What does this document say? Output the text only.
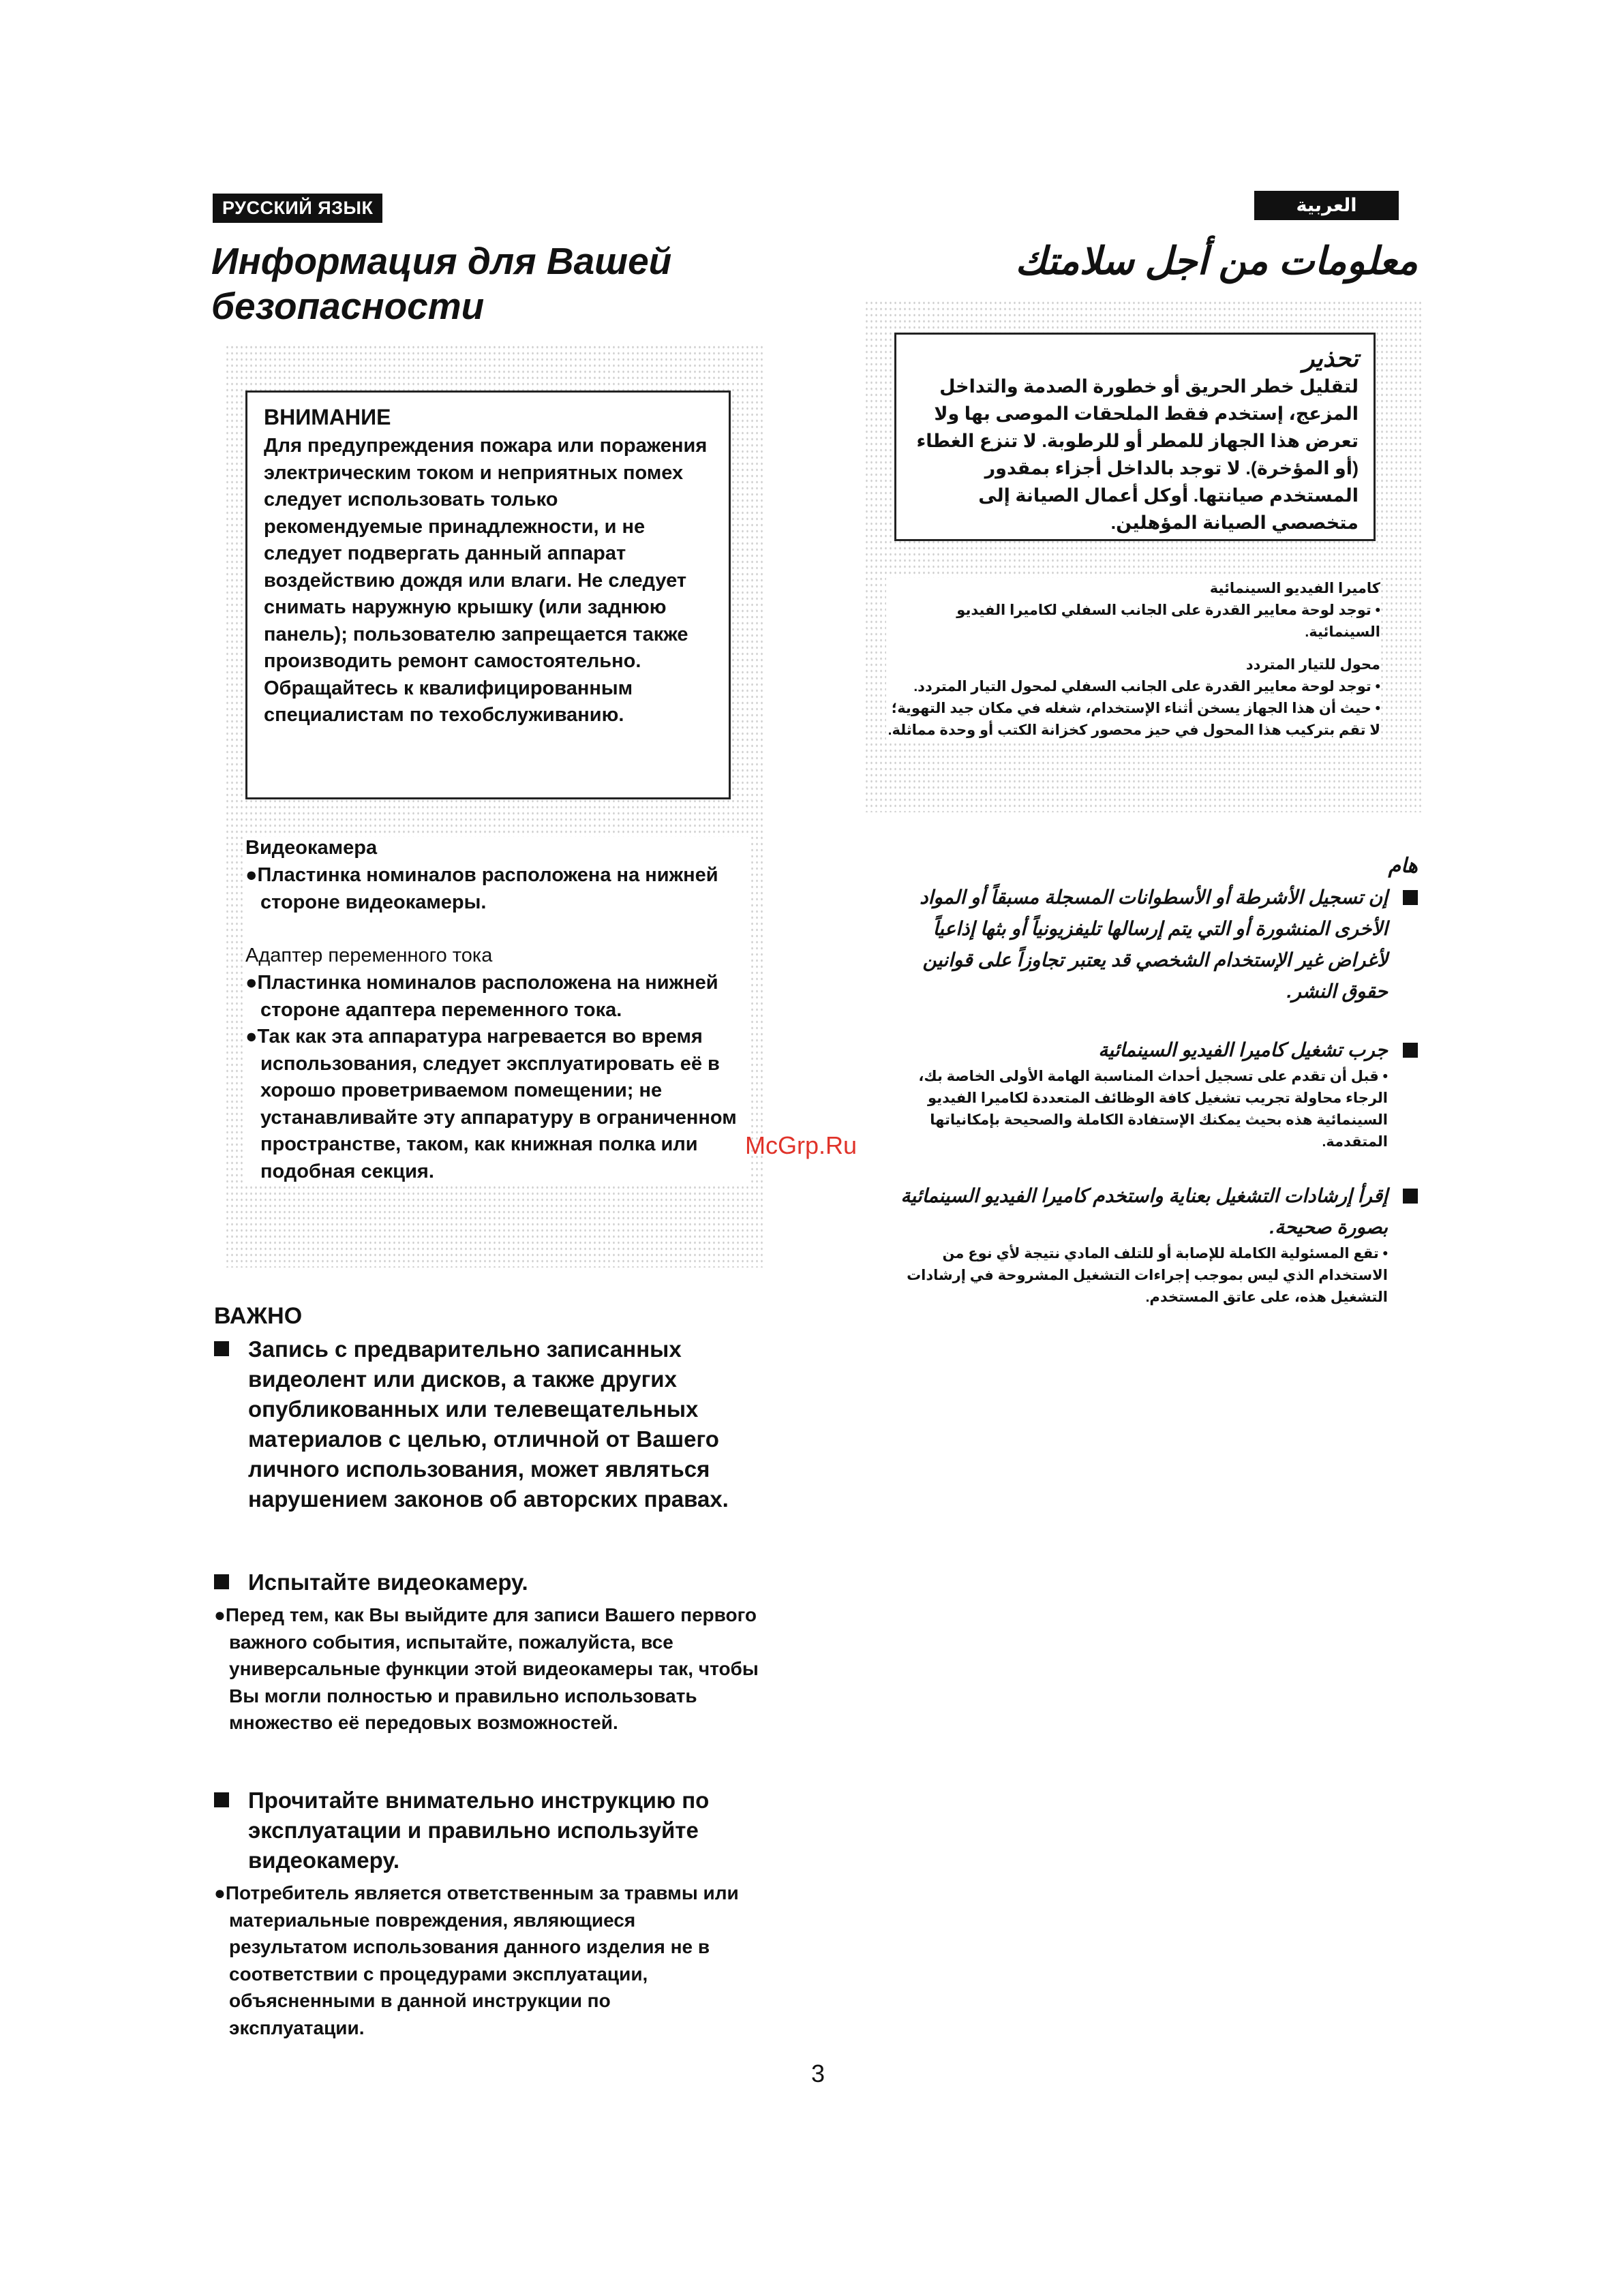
РУССКИЙ ЯЗЫК
Информация для Вашей
безопасности
ВНИМАНИЕ
Для предупреждения пожара или поражения электрическим током и неприятных помех следует использовать только рекомендуемые принадлежности, и не следует подвергать данный аппарат воздействию дождя или влаги. Не следует снимать наружную крышку (или заднюю панель); пользователю запрещается также производить ремонт самостоятельно. Обращайтесь к квалифицированным специалистам по техобслуживанию.
Видеокамера

●Пластинка номиналов расположена на нижней стороне видеокамеры.

Адаптер переменного тока

●Пластинка номиналов расположена на нижней стороне адаптера переменного тока.

●Так как эта аппаратура нагревается во время использования, следует эксплуатировать её в хорошо проветриваемом помещении; не устанавливайте эту аппаратуру в ограниченном пространстве, таком, как книжная полка или подобная секция.

ВАЖНО
Запись с предварительно записанных видеолент или дисков, а также других опубликованных или телевещательных материалов с целью, отличной от Вашего личного использования, может являться нарушением законов об авторских правах.
Испытайте видеокамеру.

●Перед тем, как Вы выйдите для записи Вашего первого важного события, испытайте, пожалуйста, все универсальные функции этой видеокамеры так, чтобы Вы могли полностью и правильно использовать множество её передовых возможностей.

Прочитайте внимательно инструкцию по эксплуатации и правильно используйте видеокамеру.

●Потребитель является ответственным за травмы или материальные повреждения, являющиеся результатом использования данного изделия не в соответствии с процедурами эксплуатации, объясненными в данной инструкции по эксплуатации.

العربية
معلومات من أجل سلامتك
تحذير
لتقليل خطر الحريق أو خطورة الصدمة والتداخل المزعج، إستخدم فقط الملحقات الموصى بها ولا تعرض هذا الجهاز للمطر أو للرطوبة. لا تنزع الغطاء (أو المؤخرة). لا توجد بالداخل أجزاء بمقدور المستخدم صيانتها. أوكل أعمال الصيانة إلى متخصصي الصيانة المؤهلين.
كاميرا الفيديو السينمائية
• توجد لوحة معايير القدرة على الجانب السفلي لكاميرا الفيديو السينمائية.
محول للتيار المتردد
• توجد لوحة معايير القدرة على الجانب السفلي لمحول التيار المتردد.
• حيث أن هذا الجهاز يسخن أثناء الإستخدام، شغله في مكان جيد التهوية؛ لا تقم بتركيب هذا المحول في حيز محصور كخزانة الكتب أو وحدة مماثلة.
هام
إن تسجيل الأشرطة أو الأسطوانات المسجلة مسبقاً أو المواد الأخرى المنشورة أو التي يتم إرسالها تليفزيونياً أو بثها إذاعياً لأغراض غير الإستخدام الشخصي قد يعتبر تجاوزاً على قوانين حقوق النشر.
جرب تشغيل كاميرا الفيديو السينمائية
• قبل أن تقدم على تسجيل أحداث المناسبة الهامة الأولى الخاصة بك، الرجاء محاولة تجريب تشغيل كافة الوظائف المتعددة لكاميرا الفيديو السينمائية هذه بحيث يمكنك الإستفادة الكاملة والصحيحة بإمكانياتها المتقدمة.
إقرأ إرشادات التشغيل بعناية واستخدم كاميرا الفيديو السينمائية بصورة صحيحة.
• تقع المسئولية الكاملة للإصابة أو للتلف المادي نتيجة لأي نوع من الاستخدام الذي ليس بموجب إجراءات التشغيل المشروحة في إرشادات التشغيل هذه، على عاتق المستخدم.
McGrp.Ru
3
